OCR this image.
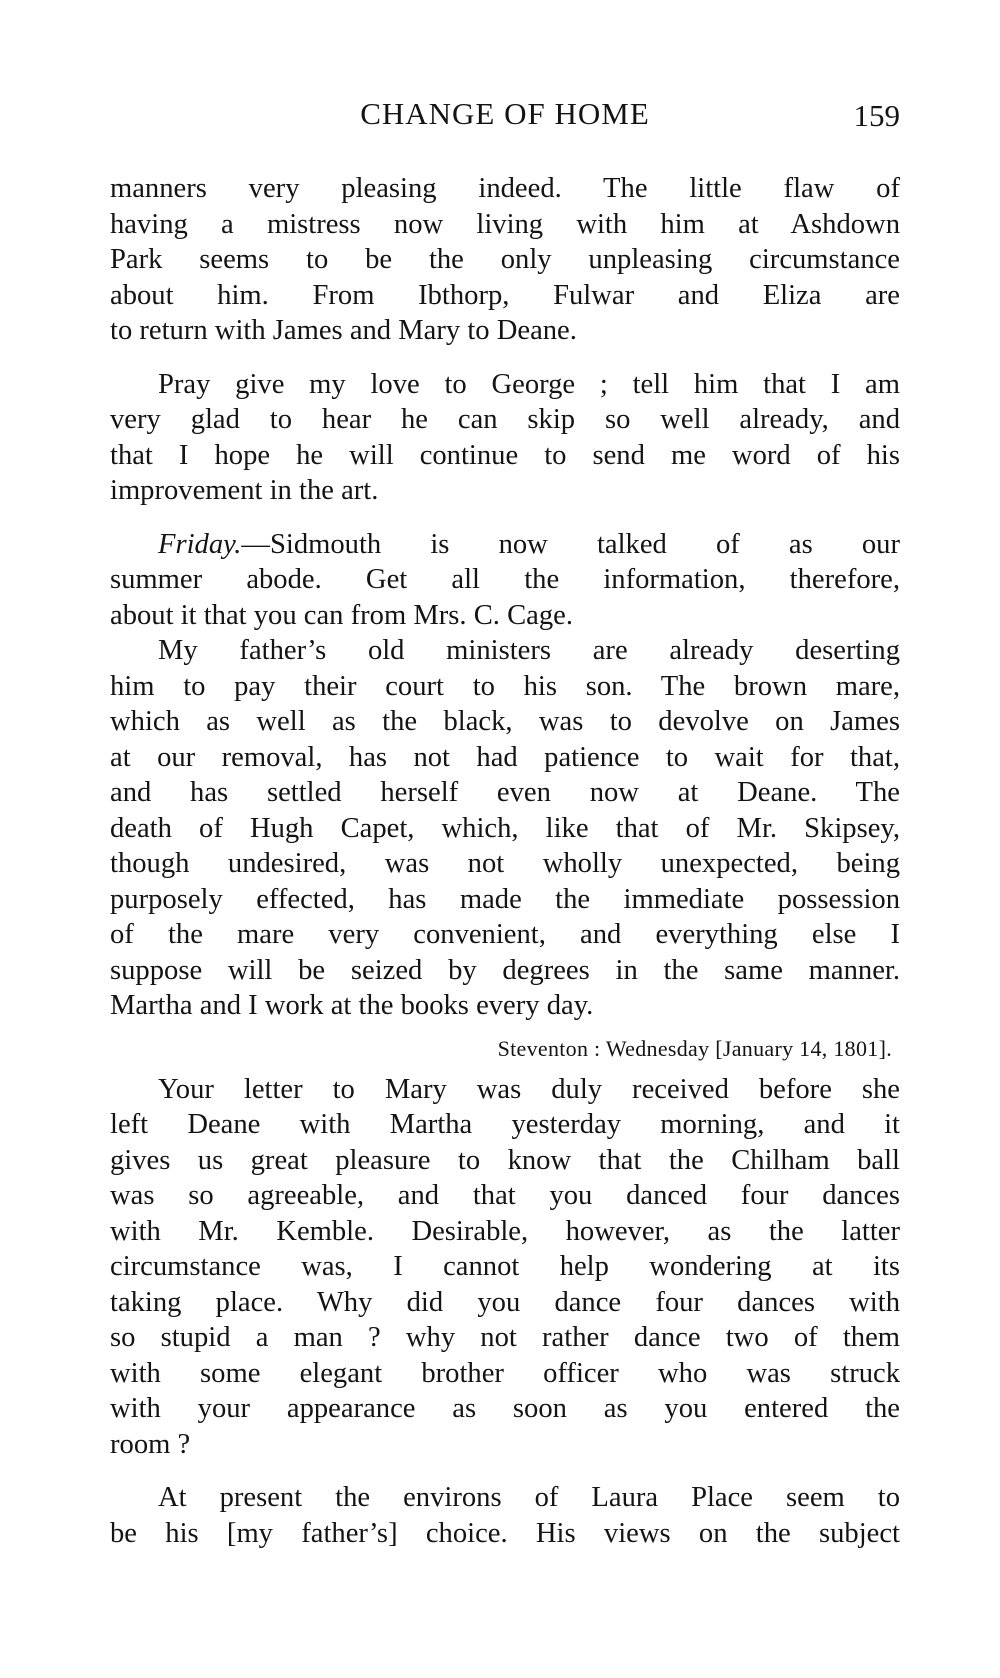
CHANGE OF HOME	159

manners very pleasing indeed. The little flaw of
having a mistress now living with him at Ashdown
Park seems to be the only unpleasing circumstance
about him. From Ibthorp, Fulwar and Eliza are
to return with James and Mary to Deane.

Pray give my love to George ; tell him that I am
very glad to hear he can skip so well already, and
that I hope he will continue to send me word of his
improvement in the art.

Friday.—Sidmouth is now talked of as our
summer abode. Get all the information, therefore,
about it that you can from Mrs. C. Cage.

My father’s old ministers are already deserting
him to pay their court to his son. The brown mare,
which as well as the black, was to devolve on James
at our removal, has not had patience to wait for that,
and has settled herself even now at Deane. The
death of Hugh Capet, which, like that of Mr. Skipsey,
though undesired, was not wholly unexpected, being
purposely effected, has made the immediate possession
of the mare very convenient, and everything else I
suppose will be seized by degrees in the same manner.
Martha and I work at the books every day.

Steventon : Wednesday [January 14, 1801].

Your letter to Mary was duly received before she
left Deane with Martha yesterday morning, and it
gives us great pleasure to know that the Chilham ball
was so agreeable, and that you danced four dances
with Mr. Kemble. Desirable, however, as the latter
circumstance was, I cannot help wondering at its
taking place. Why did you dance four dances with
so stupid a man ? why not rather dance two of them
with some elegant brother officer who was struck
with your appearance as soon as you entered the
room ?

At present the environs of Laura Place seem to
be his [my father’s] choice. His views on the subject
